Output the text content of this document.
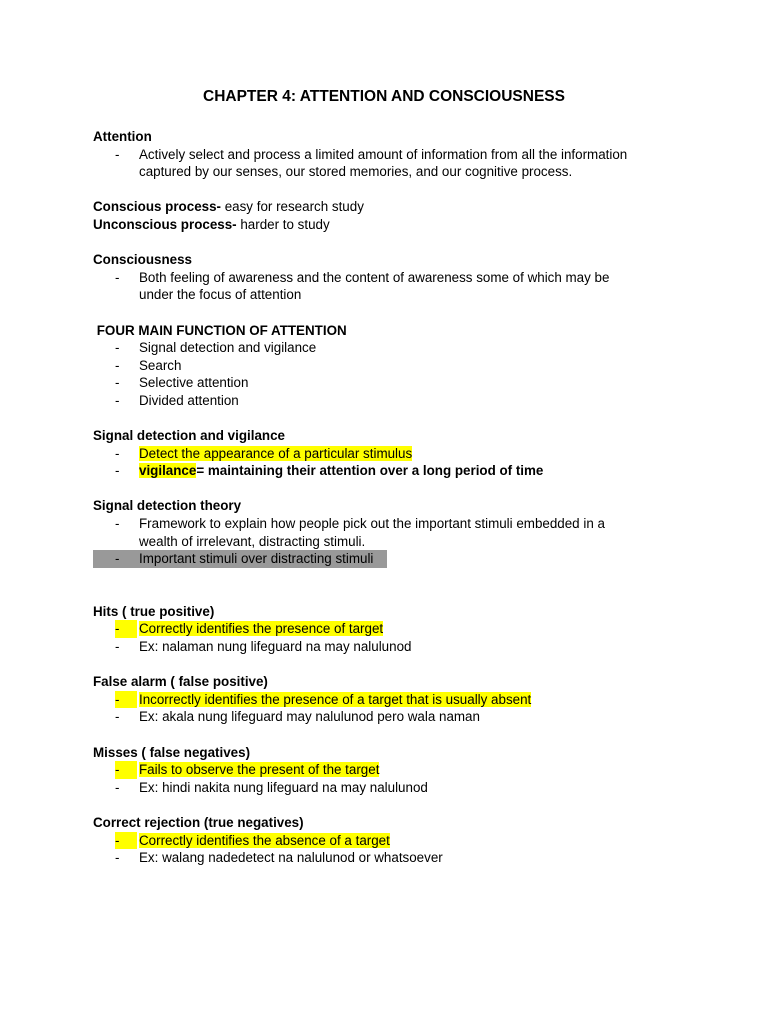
CHAPTER 4: ATTENTION AND CONSCIOUSNESS
Attention
- Actively select and process a limited amount of information from all the information
captured by our senses, our stored memories, and our cognitive process.
Conscious process- easy for research study
Unconscious process- harder to study
Consciousness
- Both feeling of awareness and the content of awareness some of which may be
under the focus of attention
FOUR MAIN FUNCTION OF ATTENTION
- Signal detection and vigilance
- Search
- Selective attention
- Divided attention
Signal detection and vigilance
- Detect the appearance of a particular stimulus
- vigilance= maintaining their attention over a long period of time
Signal detection theory
- Framework to explain how people pick out the important stimuli embedded in a
wealth of irrelevant, distracting stimuli.
- Important stimuli over distracting stimuli
Hits ( true positive)
-	Correctly identifies the presence of target
- Ex: nalaman nung lifeguard na may nalulunod
False alarm ( false positive)
-	Incorrectly identifies the presence of a target that is usually absent
- Ex: akala nung lifeguard may nalulunod pero wala naman
Misses ( false negatives)
-	Fails to observe the present of the target
- Ex: hindi nakita nung lifeguard na may nalulunod
Correct rejection (true negatives)
-	Correctly identifies the absence of a target
- Ex: walang nadedetect na nalulunod or whatsoever
